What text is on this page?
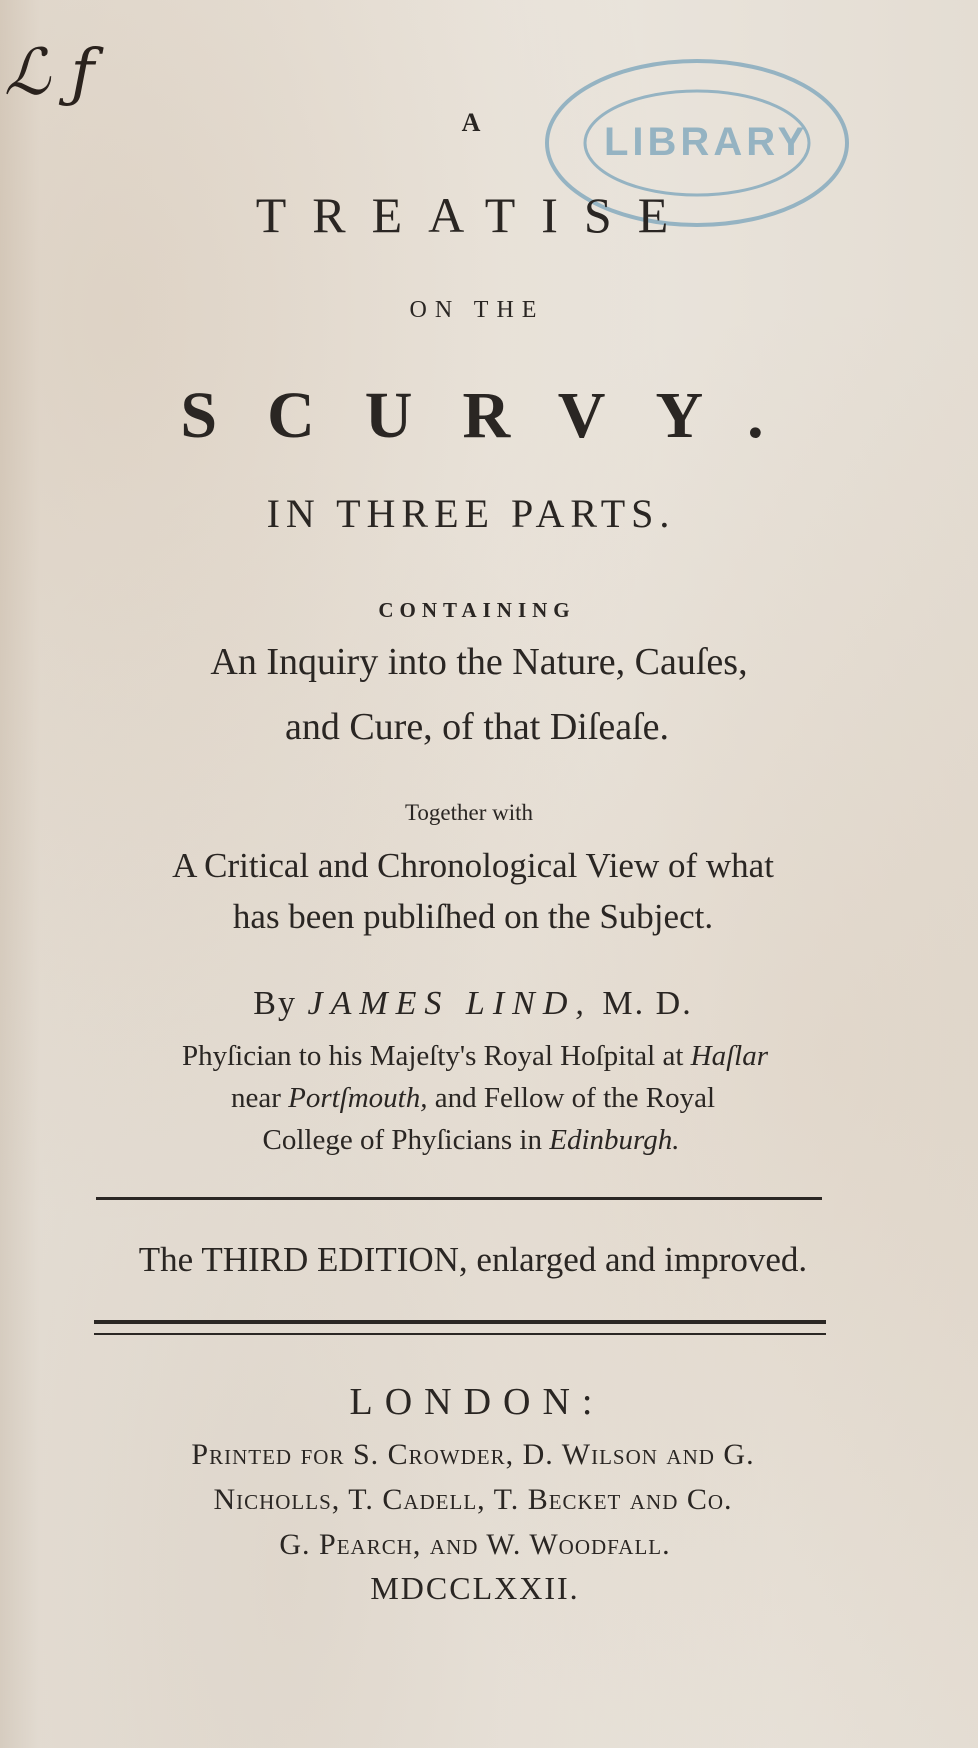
ℒ ƒ
LIBRARY
A
TREATISE
ON THE
SCURVY.
IN THREE PARTS.
CONTAINING
An Inquiry into the Nature, Cauſes,
and Cure, of that Diſeaſe.
Together with
A Critical and Chronological View of what
has been publiſhed on the Subject.
By JAMES LIND, M. D.
Phyſician to his Majeſty's Royal Hoſpital at Haſlar
near Portſmouth, and Fellow of the Royal
College of Phyſicians in Edinburgh.
The THIRD EDITION, enlarged and improved.
LONDON:
Printed for S. Crowder, D. Wilson and G.
Nicholls, T. Cadell, T. Becket and Co.
G. Pearch, and W. Woodfall.
MDCCLXXII.
